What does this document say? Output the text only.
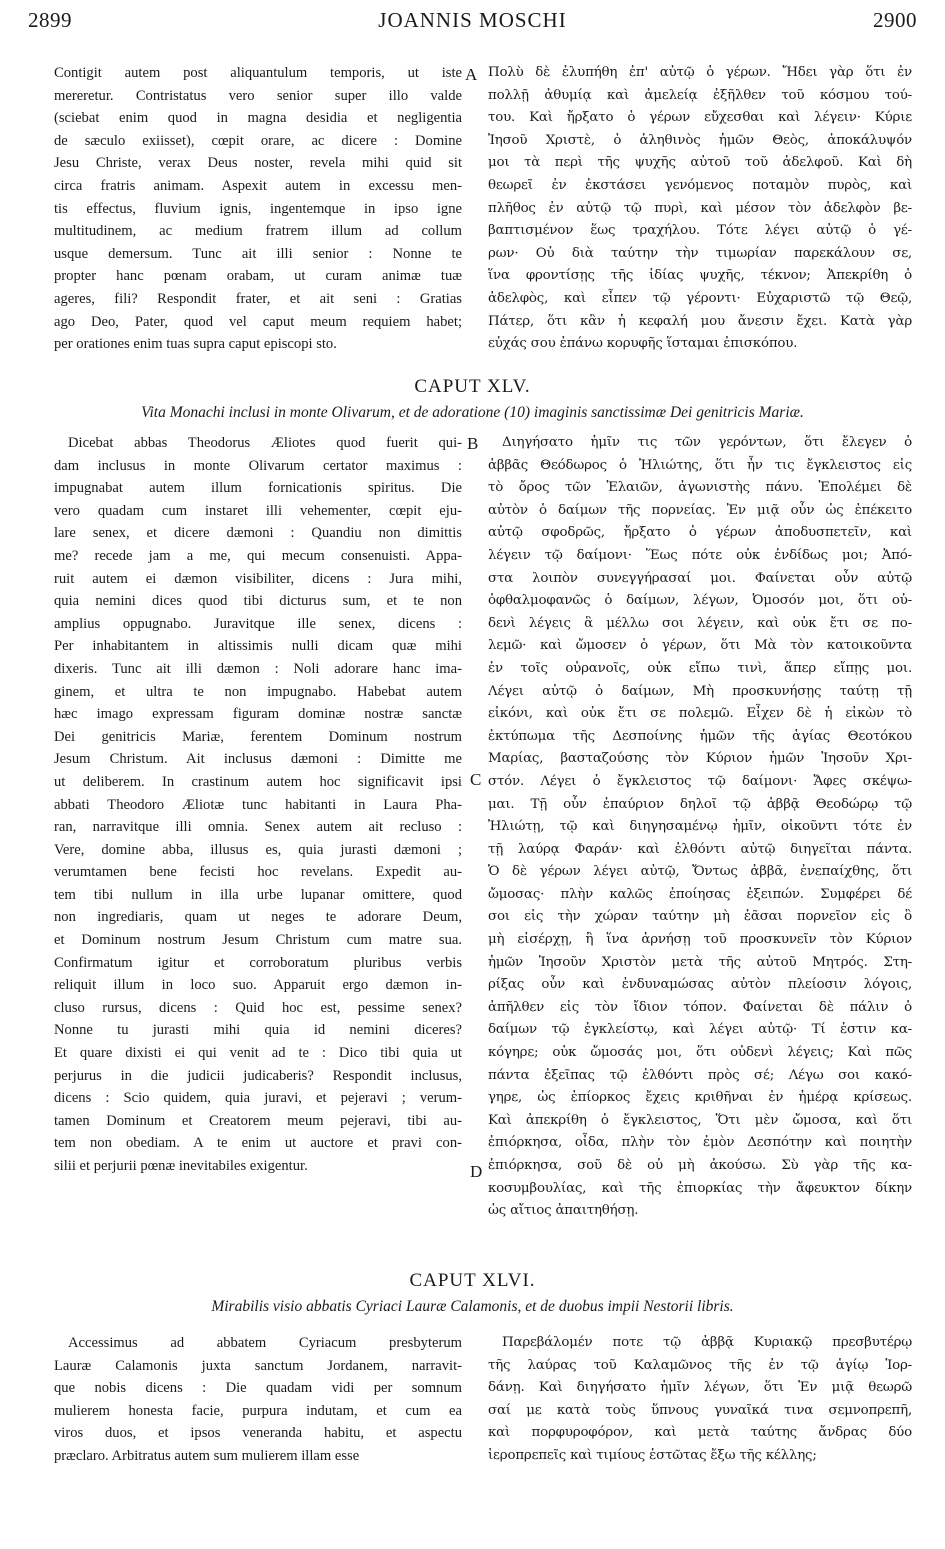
2899	JOANNIS MOSCHI	2900
Contigit autem post aliquantulum temporis, ut iste
mereretur. Contristatus vero senior super illo valde
(sciebat enim quod in magna desidia et negligentia
de sæculo exiisset), cœpit orare, ac dicere : Domine
Jesu Christe, verax Deus noster, revela mihi quid sit
circa fratris animam. Aspexit autem in excessu men-
tis effectus, fluvium ignis, ingentemque in ipso igne
multitudinem, ac medium fratrem illum ad collum
usque demersum. Tunc ait illi senior : Nonne te
propter hanc pœnam orabam, ut curam animæ tuæ
ageres, fili? Respondit frater, et ait seni : Gratias
ago Deo, Pater, quod vel caput meum requiem habet;
per orationes enim tuas supra caput episcopi sto.
Πολὺ δὲ ἐλυπήθη ἐπ' αὐτῷ ὁ γέρων. Ἤδει γὰρ ὅτι ἐν
πολλῇ ἀθυμίᾳ καὶ ἀμελείᾳ ἐξῆλθεν τοῦ κόσμου τού-
του. Καὶ ἤρξατο ὁ γέρων εὔχεσθαι καὶ λέγειν· Κύριε
Ἰησοῦ Χριστὲ, ὁ ἀληθινὸς ἡμῶν Θεὸς, ἀποκάλυψόν
μοι τὰ περὶ τῆς ψυχῆς αὐτοῦ τοῦ ἀδελφοῦ. Καὶ δὴ
θεωρεῖ ἐν ἐκστάσει γενόμενος ποταμὸν πυρὸς, καὶ
πλῆθος ἐν αὐτῷ τῷ πυρὶ, καὶ μέσον τὸν ἀδελφὸν βε-
βαπτισμένον ἕως τραχήλου. Τότε λέγει αὐτῷ ὁ γέ-
ρων· Οὐ διὰ ταύτην τὴν τιμωρίαν παρεκάλουν σε,
ἵνα φροντίσῃς τῆς ἰδίας ψυχῆς, τέκνον; Ἀπεκρίθη ὁ
ἀδελφὸς, καὶ εἶπεν τῷ γέροντι· Εὐχαριστῶ τῷ Θεῷ,
Πάτερ, ὅτι κἂν ἡ κεφαλή μου ἄνεσιν ἔχει. Κατὰ γὰρ
εὐχάς σου ἐπάνω κορυφῆς ἵσταμαι ἐπισκόπου.
A
CAPUT XLV.
Vita Monachi inclusi in monte Olivarum, et de adoratione (10) imaginis sanctissimæ Dei genitricis Mariæ.
Dicebat abbas Theodorus Æliotes quod fuerit qui-
dam inclusus in monte Olivarum certator maximus :
impugnabat autem illum fornicationis spiritus. Die
vero quadam cum instaret illi vehementer, cœpit eju-
lare senex, et dicere dæmoni : Quandiu non dimittis
me? recede jam a me, qui mecum consenuisti. Appa-
ruit autem ei dæmon visibiliter, dicens : Jura mihi,
quia nemini dices quod tibi dicturus sum, et te non
amplius oppugnabo. Juravitque ille senex, dicens :
Per inhabitantem in altissimis nulli dicam quæ mihi
dixeris. Tunc ait illi dæmon : Noli adorare hanc ima-
ginem, et ultra te non impugnabo. Habebat autem
hæc imago expressam figuram dominæ nostræ sanctæ
Dei genitricis Mariæ, ferentem Dominum nostrum
Jesum Christum. Ait inclusus dæmoni : Dimitte me
ut deliberem. In crastinum autem hoc significavit ipsi
abbati Theodoro Æliotæ tunc habitanti in Laura Pha-
ran, narravitque illi omnia. Senex autem ait recluso :
Vere, domine abba, illusus es, quia jurasti dæmoni ;
verumtamen bene fecisti hoc revelans. Expedit au-
tem tibi nullum in illa urbe lupanar omittere, quod
non ingrediaris, quam ut neges te adorare Deum,
et Dominum nostrum Jesum Christum cum matre sua.
Confirmatum igitur et corroboratum pluribus verbis
reliquit illum in loco suo. Apparuit ergo dæmon in-
cluso rursus, dicens : Quid hoc est, pessime senex?
Nonne tu jurasti mihi quia id nemini diceres?
Et quare dixisti ei qui venit ad te : Dico tibi quia ut
perjurus in die judicii judicaberis? Respondit inclusus,
dicens : Scio quidem, quia juravi, et pejeravi ; verum-
tamen Dominum et Creatorem meum pejeravi, tibi au-
tem non obediam. A te enim ut auctore et pravi con-
silii et perjurii pœnæ inevitabiles exigentur.
Διηγήσατο ἡμῖν τις τῶν γερόντων, ὅτι ἔλεγεν ὁ
ἀββᾶς Θεόδωρος ὁ Ἠλιώτης, ὅτι ἦν τις ἔγκλειστος εἰς
τὸ ὄρος τῶν Ἐλαιῶν, ἀγωνιστὴς πάνυ. Ἐπολέμει δὲ
αὐτὸν ὁ δαίμων τῆς πορνείας. Ἐν μιᾷ οὖν ὡς ἐπέκειτο
αὐτῷ σφοδρῶς, ἤρξατο ὁ γέρων ἀποδυσπετεῖν, καὶ
λέγειν τῷ δαίμονι· Ἕως πότε οὐκ ἐνδίδως μοι; Ἀπό-
στα λοιπὸν συνεγγήρασαί μοι. Φαίνεται οὖν αὐτῷ
ὀφθαλμοφανῶς ὁ δαίμων, λέγων, Ὀμοσόν μοι, ὅτι οὐ-
δενὶ λέγεις ἃ μέλλω σοι λέγειν, καὶ οὐκ ἔτι σε πο-
λεμῶ· καὶ ὤμοσεν ὁ γέρων, ὅτι Μὰ τὸν κατοικοῦντα
ἐν τοῖς οὐρανοῖς, οὐκ εἴπω τινὶ, ἅπερ εἴπῃς μοι.
Λέγει αὐτῷ ὁ δαίμων, Μὴ προσκυνήσῃς ταύτῃ τῇ
εἰκόνι, καὶ οὐκ ἔτι σε πολεμῶ. Εἶχεν δὲ ἡ εἰκὼν τὸ
ἐκτύπωμα τῆς Δεσποίνης ἡμῶν τῆς ἁγίας Θεοτόκου
Μαρίας, βασταζούσης τὸν Κύριον ἡμῶν Ἰησοῦν Χρι-
στόν. Λέγει ὁ ἔγκλειστος τῷ δαίμονι· Ἄφες σκέψω-
μαι. Τῇ οὖν ἐπαύριον δηλοῖ τῷ ἀββᾷ Θεοδώρῳ τῷ
Ἠλιώτῃ, τῷ καὶ διηγησαμένῳ ἡμῖν, οἰκοῦντι τότε ἐν
τῇ λαύρᾳ Φαράν· καὶ ἐλθόντι αὐτῷ διηγεῖται πάντα.
Ὁ δὲ γέρων λέγει αὐτῷ, Ὄντως ἀββᾶ, ἐνεπαίχθης, ὅτι
ὤμοσας· πλὴν καλῶς ἐποίησας ἐξειπών. Συμφέρει δέ
σοι εἰς τὴν χώραν ταύτην μὴ ἐᾶσαι πορνεῖον εἰς ὃ
μὴ εἰσέρχῃ, ἢ ἵνα ἀρνήσῃ τοῦ προσκυνεῖν τὸν Κύριον
ἡμῶν Ἰησοῦν Χριστὸν μετὰ τῆς αὐτοῦ Μητρός. Στη-
ρίξας οὖν καὶ ἐνδυναμώσας αὐτὸν πλείοσιν λόγοις,
ἀπῆλθεν εἰς τὸν ἴδιον τόπον. Φαίνεται δὲ πάλιν ὁ
δαίμων τῷ ἐγκλείστῳ, καὶ λέγει αὐτῷ· Τί ἐστιν κα-
κόγηρε; οὐκ ὤμοσάς μοι, ὅτι οὐδενὶ λέγεις; Καὶ πῶς
πάντα ἐξεῖπας τῷ ἐλθόντι πρὸς σέ; Λέγω σοι κακό-
γηρε, ὡς ἐπίορκος ἔχεις κριθῆναι ἐν ἡμέρᾳ κρίσεως.
Καὶ ἀπεκρίθη ὁ ἔγκλειστος, Ὅτι μὲν ὤμοσα, καὶ ὅτι
ἐπιόρκησα, οἶδα, πλὴν τὸν ἐμὸν Δεσπότην καὶ ποιητὴν
ἐπιόρκησα, σοῦ δὲ οὐ μὴ ἀκούσω. Σὺ γὰρ τῆς κα-
κοσυμβουλίας, καὶ τῆς ἐπιορκίας τὴν ἄφευκτον δίκην
ὡς αἴτιος ἀπαιτηθήσῃ.
B
C
D
CAPUT XLVI.
Mirabilis visio abbatis Cyriaci Lauræ Calamonis, et de duobus impii Nestorii libris.
Accessimus ad abbatem Cyriacum presbyterum
Lauræ Calamonis juxta sanctum Jordanem, narravit-
que nobis dicens : Die quadam vidi per somnum
mulierem honesta facie, purpura indutam, et cum ea
viros duos, et ipsos veneranda habitu, et aspectu
præclaro. Arbitratus autem sum mulierem illam esse
Παρεβάλομέν ποτε τῷ ἀββᾷ Κυριακῷ πρεσβυτέρῳ
τῆς λαύρας τοῦ Καλαμῶνος τῆς ἐν τῷ ἁγίῳ Ἰορ-
δάνῃ. Καὶ διηγήσατο ἡμῖν λέγων, ὅτι Ἐν μιᾷ θεωρῶ
σαί με κατὰ τοὺς ὕπνους γυναῖκά τινα σεμνοπρεπῆ,
καὶ πορφυροφόρον, καὶ μετὰ ταύτης ἄνδρας δύο
ἱεροπρεπεῖς καὶ τιμίους ἑστῶτας ἔξω τῆς κέλλης;
